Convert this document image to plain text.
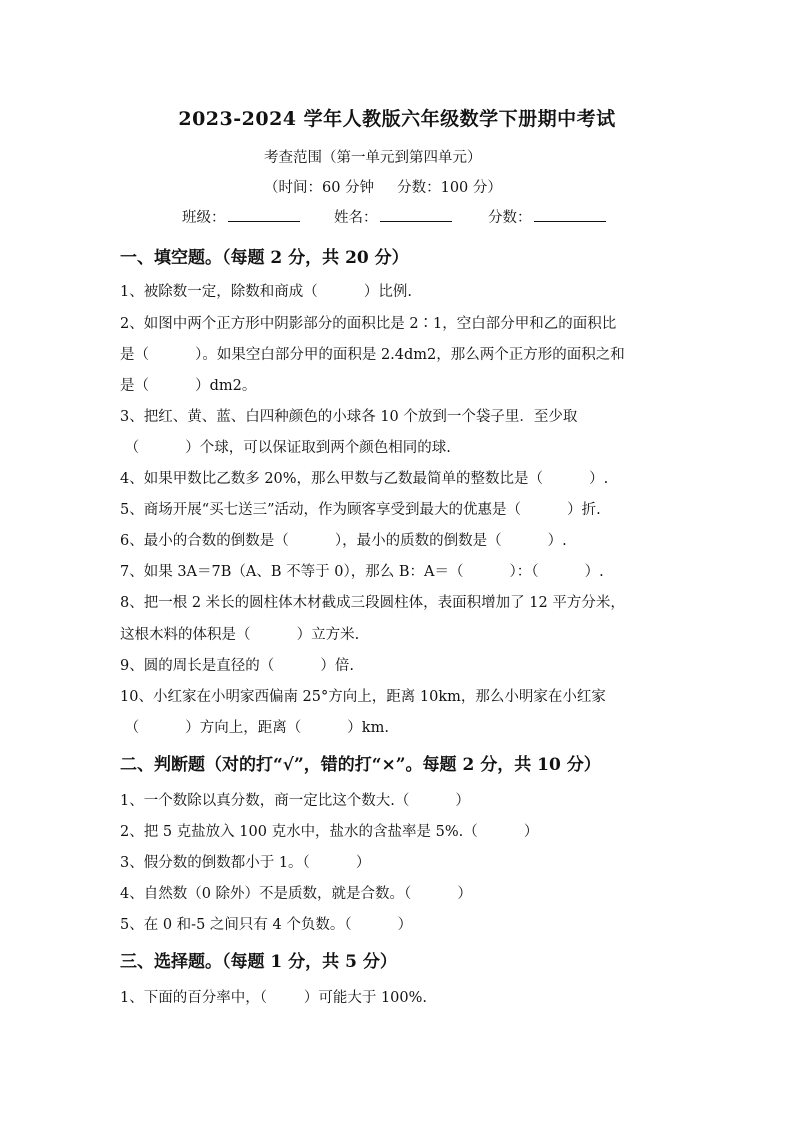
2023-2024 学年人教版六年级数学下册期中考试
考查范围（第一单元到第四单元）
（时间：60 分钟     分数：100 分）
班级：	姓名：	分数：
一、填空题。（每题 2 分，共 20 分）
1、被除数一定，除数和商成（          ）比例.
2、如图中两个正方形中阴影部分的面积比是 2∶1，空白部分甲和乙的面积比
是（          ）。如果空白部分甲的面积是 2.4dm2，那么两个正方形的面积之和
是（          ）dm2。
3、把红、黄、蓝、白四种颜色的小球各 10 个放到一个袋子里．至少取
（          ）个球，可以保证取到两个颜色相同的球.
4、如果甲数比乙数多 20%，那么甲数与乙数最简单的整数比是（          ）.
5、商场开展“买七送三”活动，作为顾客享受到最大的优惠是（          ）折.
6、最小的合数的倒数是（          ），最小的质数的倒数是（          ）.
7、如果 3A＝7B（A、B 不等于 0），那么 B：A＝（          ）：（          ）.
8、把一根 2 米长的圆柱体木材截成三段圆柱体，表面积增加了 12 平方分米，
这根木料的体积是（          ）立方米.
9、圆的周长是直径的（          ）倍.
10、小红家在小明家西偏南 25°方向上，距离 10km，那么小明家在小红家
（          ）方向上，距离（          ）km.
二、判断题（对的打“√”，错的打“×”。每题 2 分，共 10 分）
1、一个数除以真分数，商一定比这个数大.（          ）
2、把 5 克盐放入 100 克水中，盐水的含盐率是 5%.（          ）
3、假分数的倒数都小于 1。（          ）
4、自然数（0 除外）不是质数，就是合数。（          ）
5、在 0 和-5 之间只有 4 个负数。（          ）
三、选择题。（每题 1 分，共 5 分）
1、下面的百分率中，（        ）可能大于 100%.
